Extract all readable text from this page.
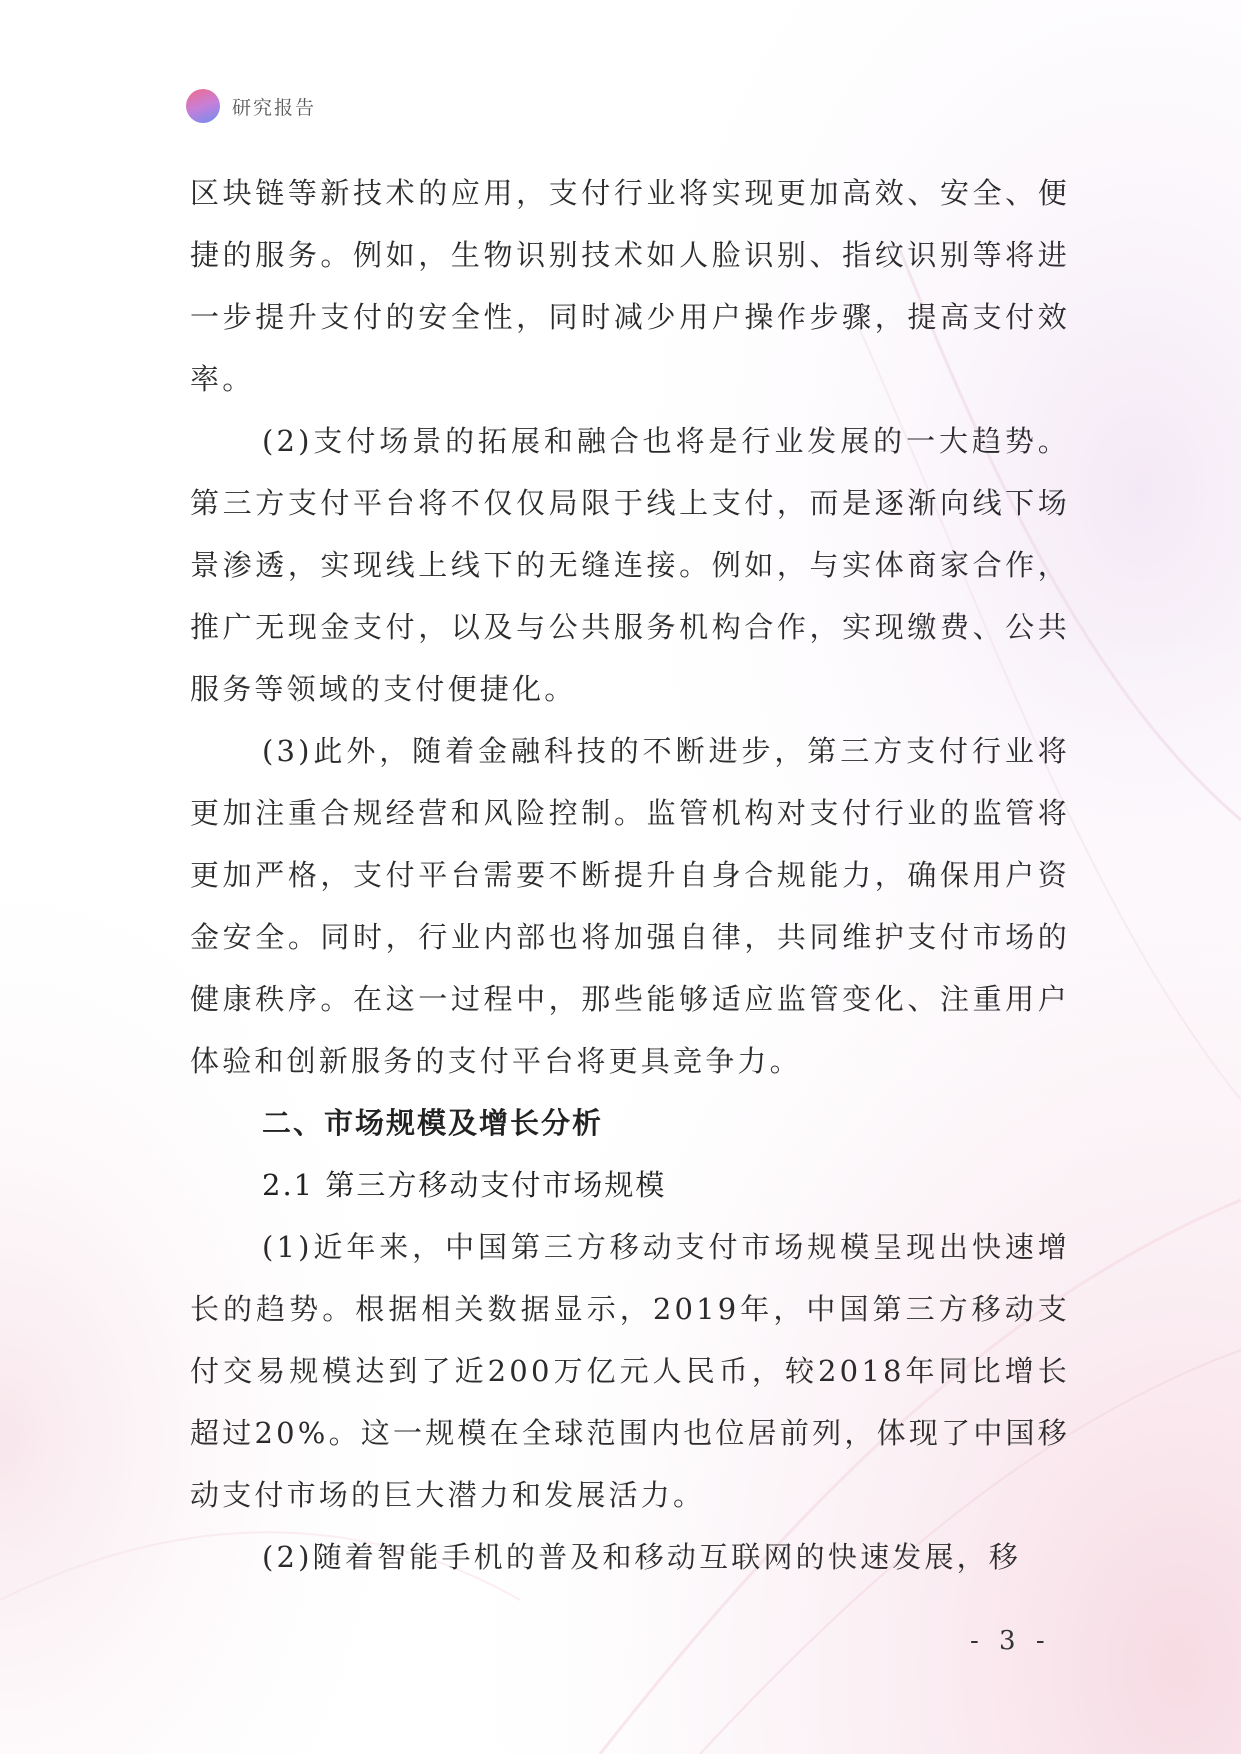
研究报告

区块链等新技术的应用，支付行业将实现更加高效、安全、便捷的服务。例如，生物识别技术如人脸识别、指纹识别等将进一步提升支付的安全性，同时减少用户操作步骤，提高支付效率。

(2)支付场景的拓展和融合也将是行业发展的一大趋势。第三方支付平台将不仅仅局限于线上支付，而是逐渐向线下场景渗透，实现线上线下的无缝连接。例如，与实体商家合作，推广无现金支付，以及与公共服务机构合作，实现缴费、公共服务等领域的支付便捷化。

(3)此外，随着金融科技的不断进步，第三方支付行业将更加注重合规经营和风险控制。监管机构对支付行业的监管将更加严格，支付平台需要不断提升自身合规能力，确保用户资金安全。同时，行业内部也将加强自律，共同维护支付市场的健康秩序。在这一过程中，那些能够适应监管变化、注重用户体验和创新服务的支付平台将更具竞争力。

二、市场规模及增长分析

2.1 第三方移动支付市场规模

(1)近年来，中国第三方移动支付市场规模呈现出快速增长的趋势。根据相关数据显示，2019年，中国第三方移动支付交易规模达到了近200万亿元人民币，较2018年同比增长超过20%。这一规模在全球范围内也位居前列，体现了中国移动支付市场的巨大潜力和发展活力。

(2)随着智能手机的普及和移动互联网的快速发展，移

- 3 -
